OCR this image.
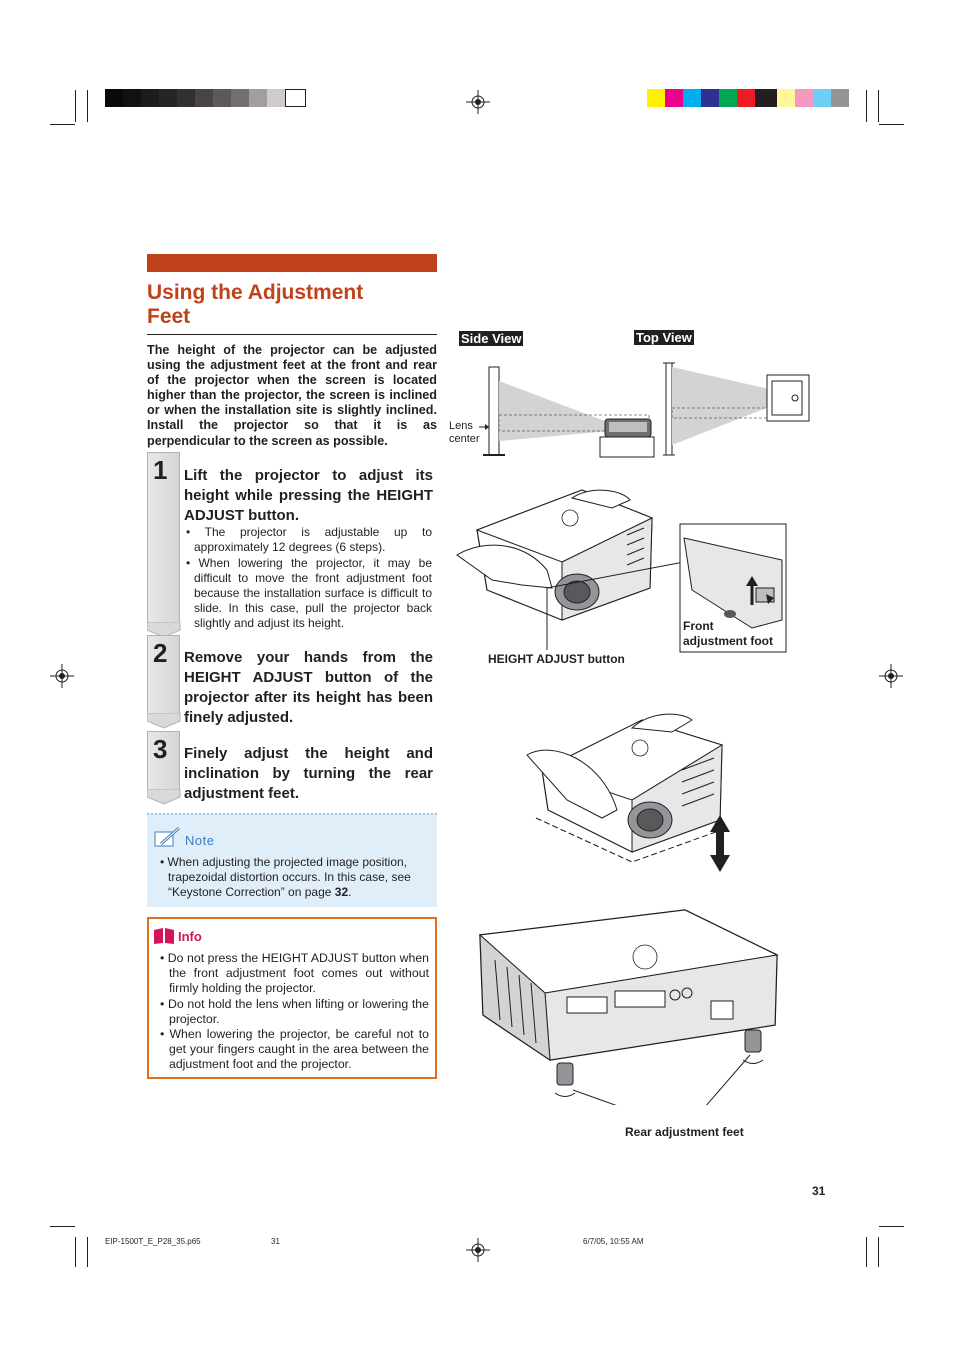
Using the Adjustment
Feet

The height of the projector can be adjusted using the adjustment feet at the front and rear of the projector when the screen is located higher than the projector, the screen is inclined or when the installation site is slightly inclined. Install the projector so that it is as perpendicular to the screen as possible.

1 Lift the projector to adjust its height while pressing the HEIGHT ADJUST button.
• The projector is adjustable up to approximately 12 degrees (6 steps).
• When lowering the projector, it may be difficult to move the front adjustment foot because the installation surface is difficult to slide. In this case, pull the projector back slightly and adjust its height.
2 Remove your hands from the HEIGHT ADJUST button of the projector after its height has been finely adjusted.
3 Finely adjust the height and inclination by turning the rear adjustment feet.
Note
• When adjusting the projected image position, trapezoidal distortion occurs. In this case, see “Keystone Correction” on page 32.
Info
• Do not press the HEIGHT ADJUST button when the front adjustment foot comes out without firmly holding the projector.
• Do not hold the lens when lifting or lowering the projector.
• When lowering the projector, be careful not to get your fingers caught in the area between the adjustment foot and the projector.
Side View	Top View
Lens
center
Front
adjustment foot
HEIGHT ADJUST button
Rear adjustment feet
31
EIP-1500T_E_P28_35.p65	31	6/7/05, 10:55 AM
